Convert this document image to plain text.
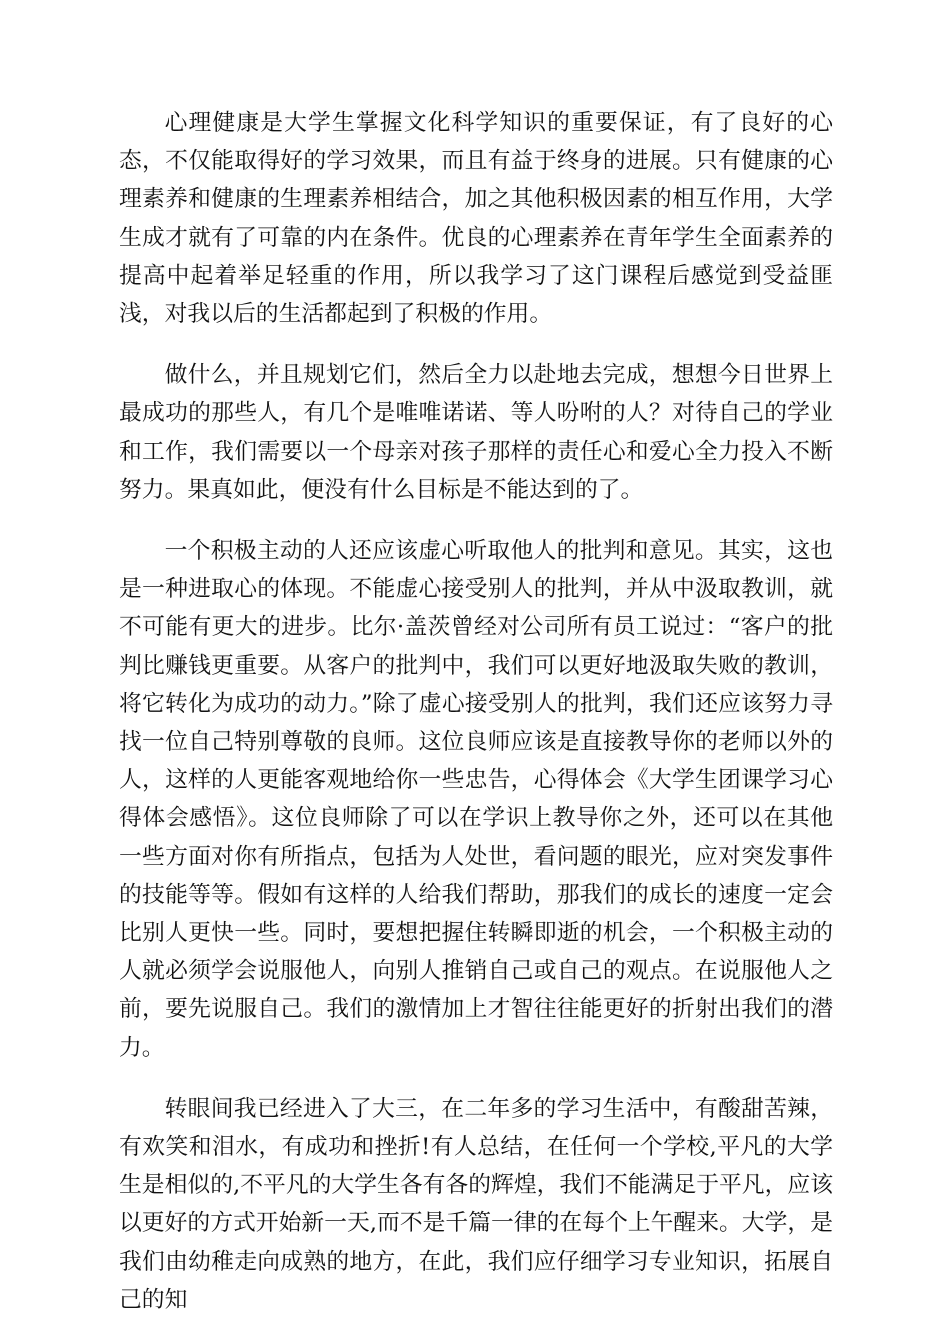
心理健康是大学生掌握文化科学知识的重要保证，有了良好的心态，不仅能取得好的学习效果，而且有益于终身的进展。只有健康的心理素养和健康的生理素养相结合，加之其他积极因素的相互作用，大学生成才就有了可靠的内在条件。优良的心理素养在青年学生全面素养的提高中起着举足轻重的作用，所以我学习了这门课程后感觉到受益匪浅，对我以后的生活都起到了积极的作用。

做什么，并且规划它们，然后全力以赴地去完成，想想今日世界上最成功的那些人，有几个是唯唯诺诺、等人吩咐的人？对待自己的学业和工作，我们需要以一个母亲对孩子那样的责任心和爱心全力投入不断努力。果真如此，便没有什么目标是不能达到的了。

一个积极主动的人还应该虚心听取他人的批判和意见。其实，这也是一种进取心的体现。不能虚心接受别人的批判，并从中汲取教训，就不可能有更大的进步。比尔·盖茨曾经对公司所有员工说过：“客户的批判比赚钱更重要。从客户的批判中，我们可以更好地汲取失败的教训，将它转化为成功的动力。”除了虚心接受别人的批判，我们还应该努力寻找一位自己特别尊敬的良师。这位良师应该是直接教导你的老师以外的人，这样的人更能客观地给你一些忠告，心得体会《大学生团课学习心得体会感悟》。这位良师除了可以在学识上教导你之外，还可以在其他一些方面对你有所指点，包括为人处世，看问题的眼光，应对突发事件的技能等等。假如有这样的人给我们帮助，那我们的成长的速度一定会比别人更快一些。同时，要想把握住转瞬即逝的机会，一个积极主动的人就必须学会说服他人，向别人推销自己或自己的观点。在说服他人之前，要先说服自己。我们的激情加上才智往往能更好的折射出我们的潜力。

转眼间我已经进入了大三，在二年多的学习生活中，有酸甜苦辣，有欢笑和泪水，有成功和挫折!有人总结，在任何一个学校,平凡的大学生是相似的,不平凡的大学生各有各的辉煌，我们不能满足于平凡，应该以更好的方式开始新一天,而不是千篇一律的在每个上午醒来。大学，是我们由幼稚走向成熟的地方，在此，我们应仔细学习专业知识，拓展自己的知
